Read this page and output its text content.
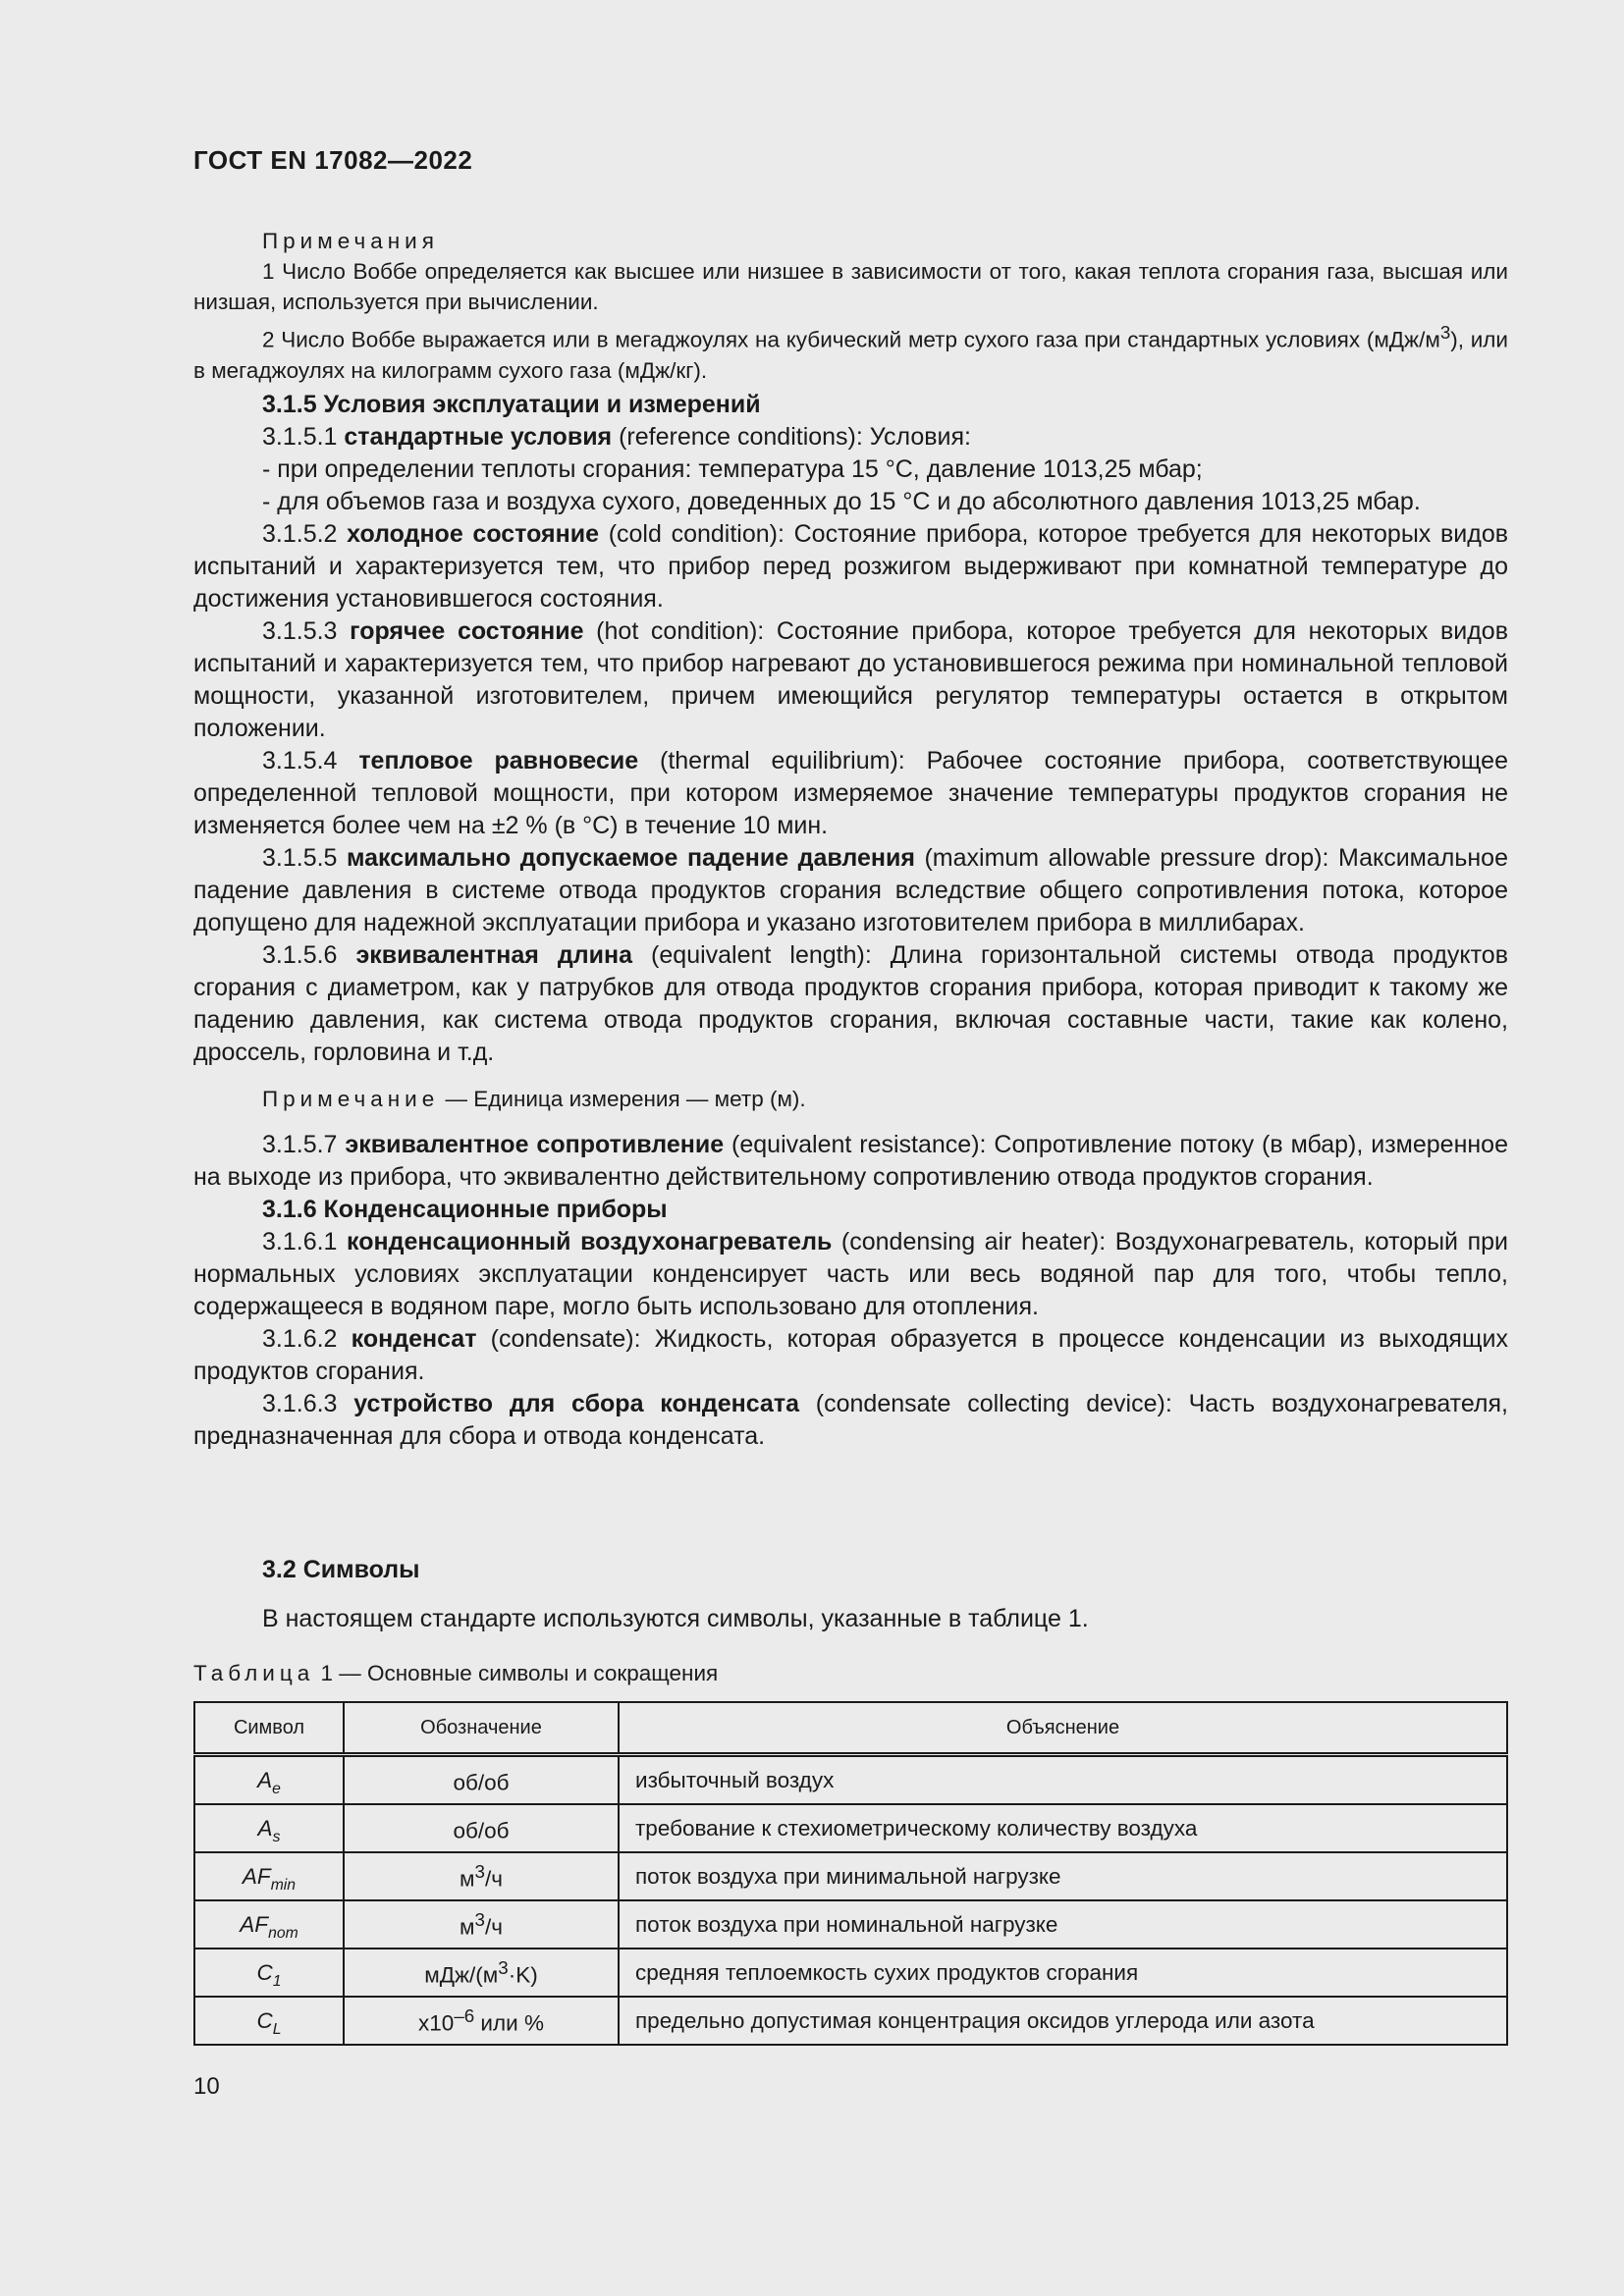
ГОСТ EN 17082—2022

Примечания

1 Число Воббе определяется как высшее или низшее в зависимости от того, какая теплота сгорания газа, высшая или низшая, используется при вычислении.

2 Число Воббе выражается или в мегаджоулях на кубический метр сухого газа при стандартных условиях $(мДж/м^3)$, или в мегаджоулях на килограмм сухого газа (мДж/кг).

3.1.5 Условия эксплуатации и измерений

3.1.5.1 стандартные условия (reference conditions): Условия:

- при определении теплоты сгорания: температура 15 °С, давление 1013,25 мбар;

- для объемов газа и воздуха сухого, доведенных до 15 °С и до абсолютного давления 1013,25 мбар.

3.1.5.2 холодное состояние (cold condition): Состояние прибора, которое требуется для некоторых видов испытаний и характеризуется тем, что прибор перед розжигом выдерживают при комнатной температуре до достижения установившегося состояния.

3.1.5.3 горячее состояние (hot condition): Состояние прибора, которое требуется для некоторых видов испытаний и характеризуется тем, что прибор нагревают до установившегося режима при номинальной тепловой мощности, указанной изготовителем, причем имеющийся регулятор температуры остается в открытом положении.

3.1.5.4 тепловое равновесие (thermal equilibrium): Рабочее состояние прибора, соответствующее определенной тепловой мощности, при котором измеряемое значение температуры продуктов сгорания не изменяется более чем на ±2 % (в °С) в течение 10 мин.

3.1.5.5 максимально допускаемое падение давления (maximum allowable pressure drop): Максимальное падение давления в системе отвода продуктов сгорания вследствие общего сопротивления потока, которое допущено для надежной эксплуатации прибора и указано изготовителем прибора в миллибарах.

3.1.5.6 эквивалентная длина (equivalent length): Длина горизонтальной системы отвода продуктов сгорания с диаметром, как у патрубков для отвода продуктов сгорания прибора, которая приводит к такому же падению давления, как система отвода продуктов сгорания, включая составные части, такие как колено, дроссель, горловина и т.д.

Примечание — Единица измерения — метр (м).

3.1.5.7 эквивалентное сопротивление (equivalent resistance): Сопротивление потоку (в мбар), измеренное на выходе из прибора, что эквивалентно действительному сопротивлению отвода продуктов сгорания.

3.1.6 Конденсационные приборы

3.1.6.1 конденсационный воздухонагреватель (condensing air heater): Воздухонагреватель, который при нормальных условиях эксплуатации конденсирует часть или весь водяной пар для того, чтобы тепло, содержащееся в водяном паре, могло быть использовано для отопления.

3.1.6.2 конденсат (condensate): Жидкость, которая образуется в процессе конденсации из выходящих продуктов сгорания.

3.1.6.3 устройство для сбора конденсата (condensate collecting device): Часть воздухонагревателя, предназначенная для сбора и отвода конденсата.

3.2 Символы
В настоящем стандарте используются символы, указанные в таблице 1.
Таблица 1 — Основные символы и сокращения
Символ	Обозначение	Объяснение
$A_e$	об/об	избыточный воздух
$A_s$	об/об	требование к стехиометрическому количеству воздуха
$AF_{min}$	$м^3/ч$	поток воздуха при минимальной нагрузке
$AF_{nom}$	$м^3/ч$	поток воздуха при номинальной нагрузке
$C_1$	мДж/$(м^3\cdot K)$	средняя теплоемкость сухих продуктов сгорания
$C_L$	$х10^{-6}$ или %	предельно допустимая концентрация оксидов углерода или азота
10
